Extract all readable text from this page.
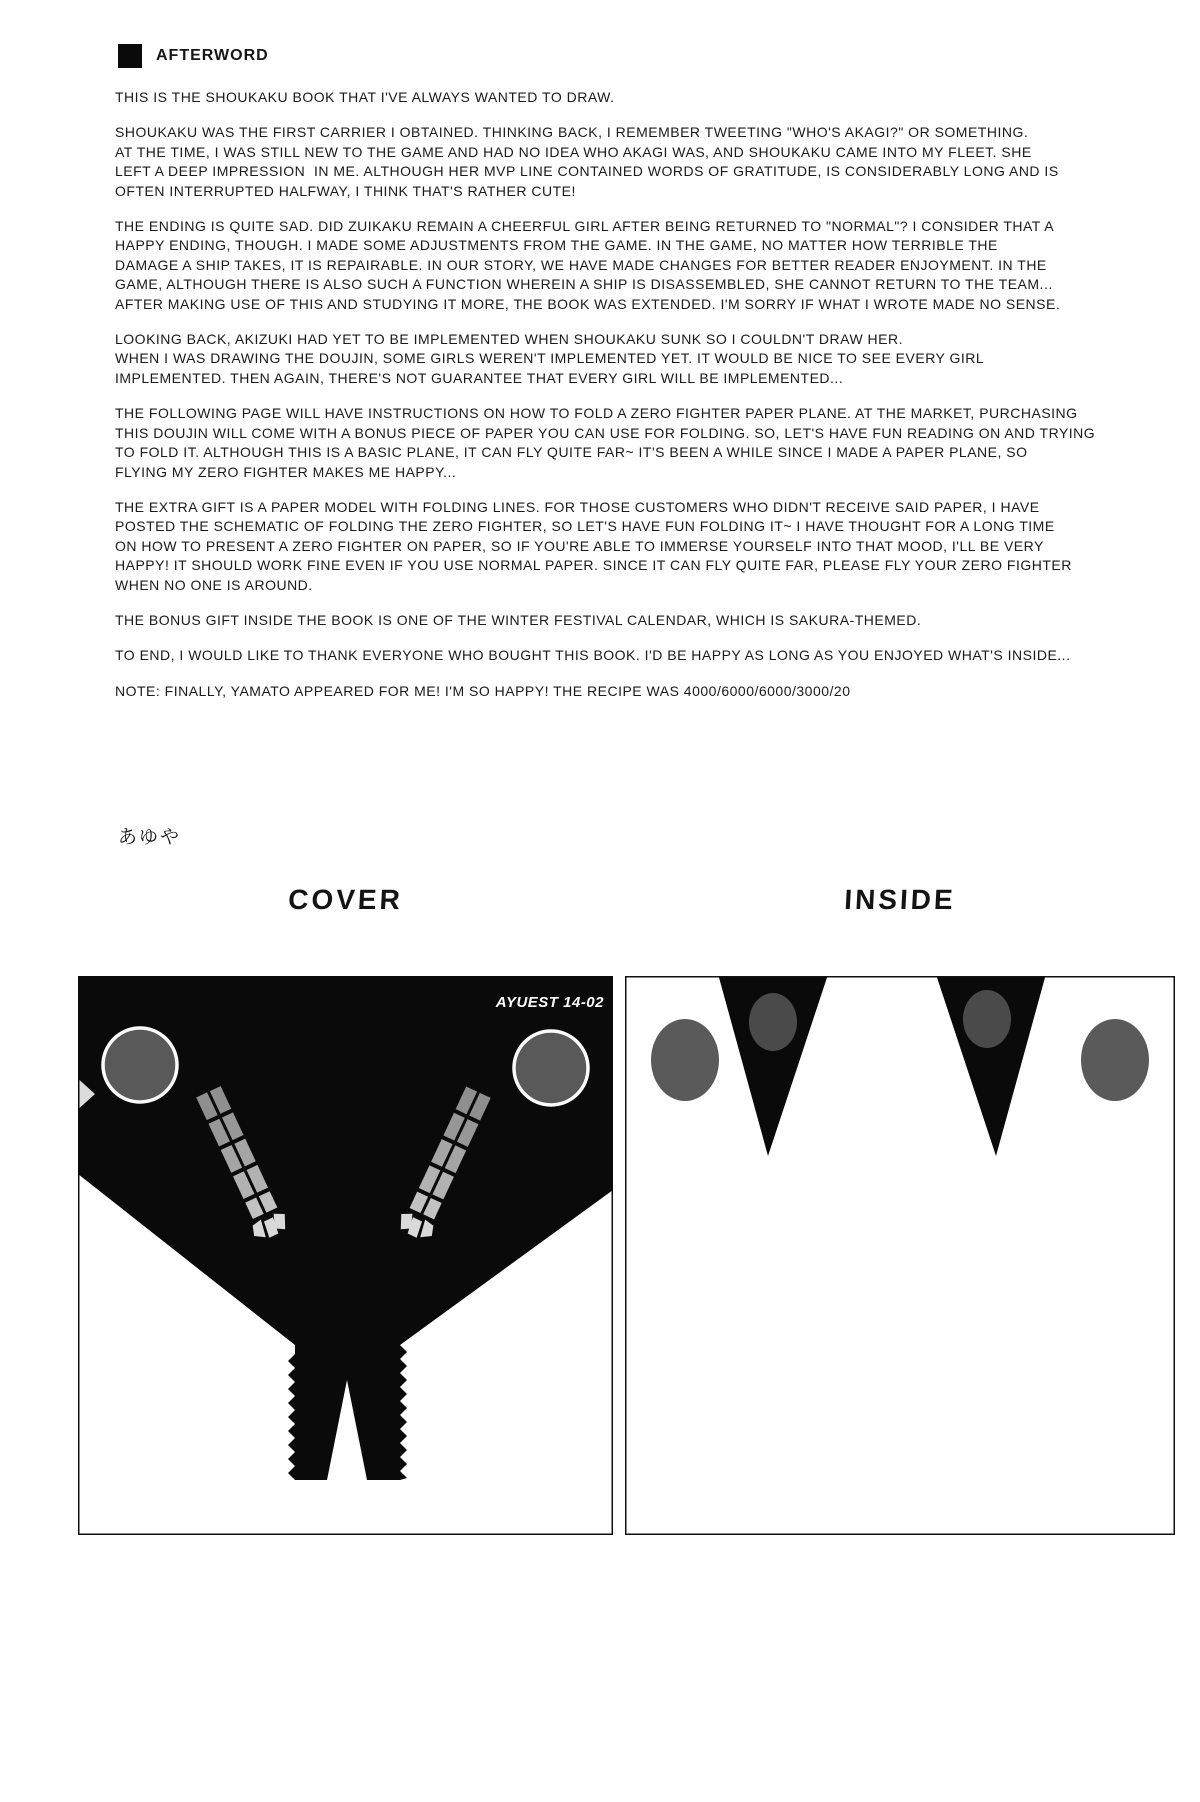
AFTERWORD
THIS IS THE SHOUKAKU BOOK THAT I'VE ALWAYS WANTED TO DRAW.
SHOUKAKU WAS THE FIRST CARRIER I OBTAINED. THINKING BACK, I REMEMBER TWEETING "WHO'S AKAGI?" OR SOMETHING.
AT THE TIME, I WAS STILL NEW TO THE GAME AND HAD NO IDEA WHO AKAGI WAS, AND SHOUKAKU CAME INTO MY FLEET. SHE
LEFT A DEEP IMPRESSION  IN ME. ALTHOUGH HER MVP LINE CONTAINED WORDS OF GRATITUDE, IS CONSIDERABLY LONG AND IS
OFTEN INTERRUPTED HALFWAY, I THINK THAT'S RATHER CUTE!
THE ENDING IS QUITE SAD. DID ZUIKAKU REMAIN A CHEERFUL GIRL AFTER BEING RETURNED TO "NORMAL"? I CONSIDER THAT A
HAPPY ENDING, THOUGH. I MADE SOME ADJUSTMENTS FROM THE GAME. IN THE GAME, NO MATTER HOW TERRIBLE THE
DAMAGE A SHIP TAKES, IT IS REPAIRABLE. IN OUR STORY, WE HAVE MADE CHANGES FOR BETTER READER ENJOYMENT. IN THE
GAME, ALTHOUGH THERE IS ALSO SUCH A FUNCTION WHEREIN A SHIP IS DISASSEMBLED, SHE CANNOT RETURN TO THE TEAM...
AFTER MAKING USE OF THIS AND STUDYING IT MORE, THE BOOK WAS EXTENDED. I'M SORRY IF WHAT I WROTE MADE NO SENSE.
LOOKING BACK, AKIZUKI HAD YET TO BE IMPLEMENTED WHEN SHOUKAKU SUNK SO I COULDN'T DRAW HER.
WHEN I WAS DRAWING THE DOUJIN, SOME GIRLS WEREN'T IMPLEMENTED YET. IT WOULD BE NICE TO SEE EVERY GIRL
IMPLEMENTED. THEN AGAIN, THERE'S NOT GUARANTEE THAT EVERY GIRL WILL BE IMPLEMENTED...
THE FOLLOWING PAGE WILL HAVE INSTRUCTIONS ON HOW TO FOLD A ZERO FIGHTER PAPER PLANE. AT THE MARKET, PURCHASING
THIS DOUJIN WILL COME WITH A BONUS PIECE OF PAPER YOU CAN USE FOR FOLDING. SO, LET'S HAVE FUN READING ON AND TRYING
TO FOLD IT. ALTHOUGH THIS IS A BASIC PLANE, IT CAN FLY QUITE FAR~ IT'S BEEN A WHILE SINCE I MADE A PAPER PLANE, SO
FLYING MY ZERO FIGHTER MAKES ME HAPPY...
THE EXTRA GIFT IS A PAPER MODEL WITH FOLDING LINES. FOR THOSE CUSTOMERS WHO DIDN'T RECEIVE SAID PAPER, I HAVE
POSTED THE SCHEMATIC OF FOLDING THE ZERO FIGHTER, SO LET'S HAVE FUN FOLDING IT~ I HAVE THOUGHT FOR A LONG TIME
ON HOW TO PRESENT A ZERO FIGHTER ON PAPER, SO IF YOU'RE ABLE TO IMMERSE YOURSELF INTO THAT MOOD, I'LL BE VERY
HAPPY! IT SHOULD WORK FINE EVEN IF YOU USE NORMAL PAPER. SINCE IT CAN FLY QUITE FAR, PLEASE FLY YOUR ZERO FIGHTER
WHEN NO ONE IS AROUND.
THE BONUS GIFT INSIDE THE BOOK IS ONE OF THE WINTER FESTIVAL CALENDAR, WHICH IS SAKURA-THEMED.
TO END, I WOULD LIKE TO THANK EVERYONE WHO BOUGHT THIS BOOK. I'D BE HAPPY AS LONG AS YOU ENJOYED WHAT'S INSIDE...
NOTE: FINALLY, YAMATO APPEARED FOR ME! I'M SO HAPPY! THE RECIPE WAS 4000/6000/6000/3000/20
あゆや
COVER	INSIDE
AYUEST 14-02
